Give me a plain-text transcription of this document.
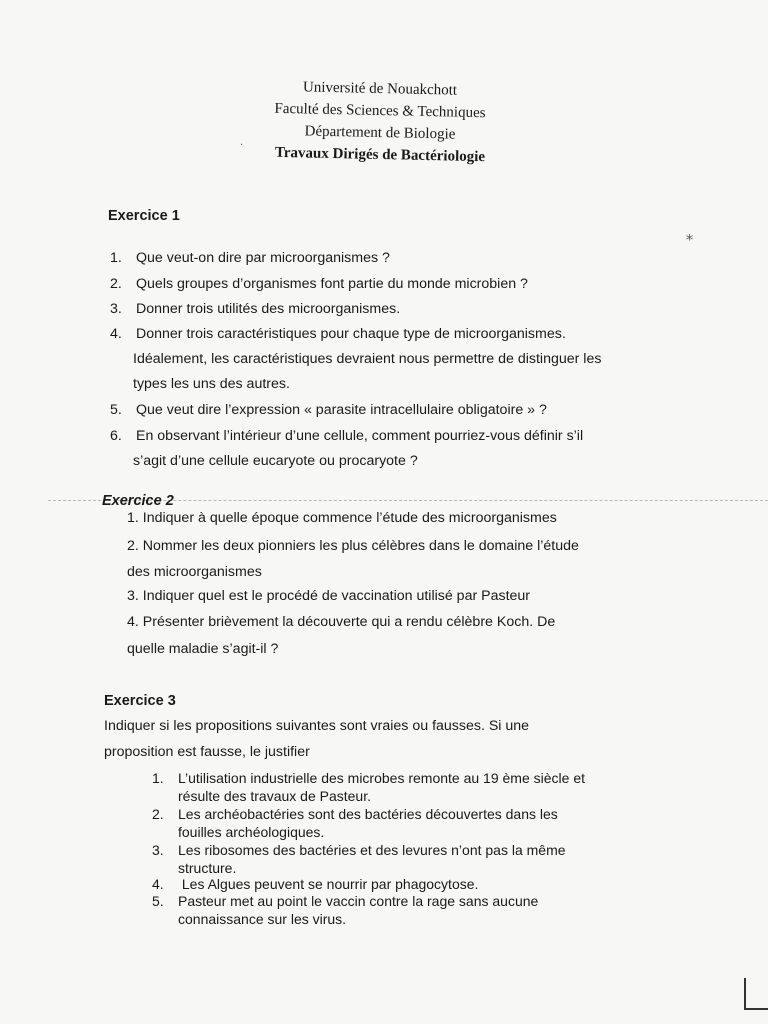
Université de Nouakchott
Faculté des Sciences & Techniques
Département de Biologie
Travaux Dirigés de Bactériologie
⁎
·
Exercice 1
1. Que veut-on dire par microorganismes ?
2. Quels groupes d’organismes font partie du monde microbien ?
3. Donner trois utilités des microorganismes.
4. Donner trois caractéristiques pour chaque type de microorganismes.
Idéalement, les caractéristiques devraient nous permettre de distinguer les
types les uns des autres.
5. Que veut dire l’expression « parasite intracellulaire obligatoire » ?
6. En observant l’intérieur d’une cellule, comment pourriez-vous définir s’il
s’agit d’une cellule eucaryote ou procaryote ?
Exercice 2
1. Indiquer à quelle époque commence l’étude des microorganismes
2. Nommer les deux pionniers les plus célèbres dans le domaine l’étude
des microorganismes
3. Indiquer quel est le procédé de vaccination utilisé par Pasteur
4. Présenter brièvement la découverte qui a rendu célèbre Koch. De
quelle maladie s’agit-il ?
Exercice 3
Indiquer si les propositions suivantes sont vraies ou fausses. Si une
proposition est fausse, le justifier
1. L’utilisation industrielle des microbes remonte au 19 ème siècle et
résulte des travaux de Pasteur.
2. Les archéobactéries sont des bactéries découvertes dans les
fouilles archéologiques.
3. Les ribosomes des bactéries et des levures n’ont pas la même
structure.
4. Les Algues peuvent se nourrir par phagocytose.
5. Pasteur met au point le vaccin contre la rage sans aucune
connaissance sur les virus.
